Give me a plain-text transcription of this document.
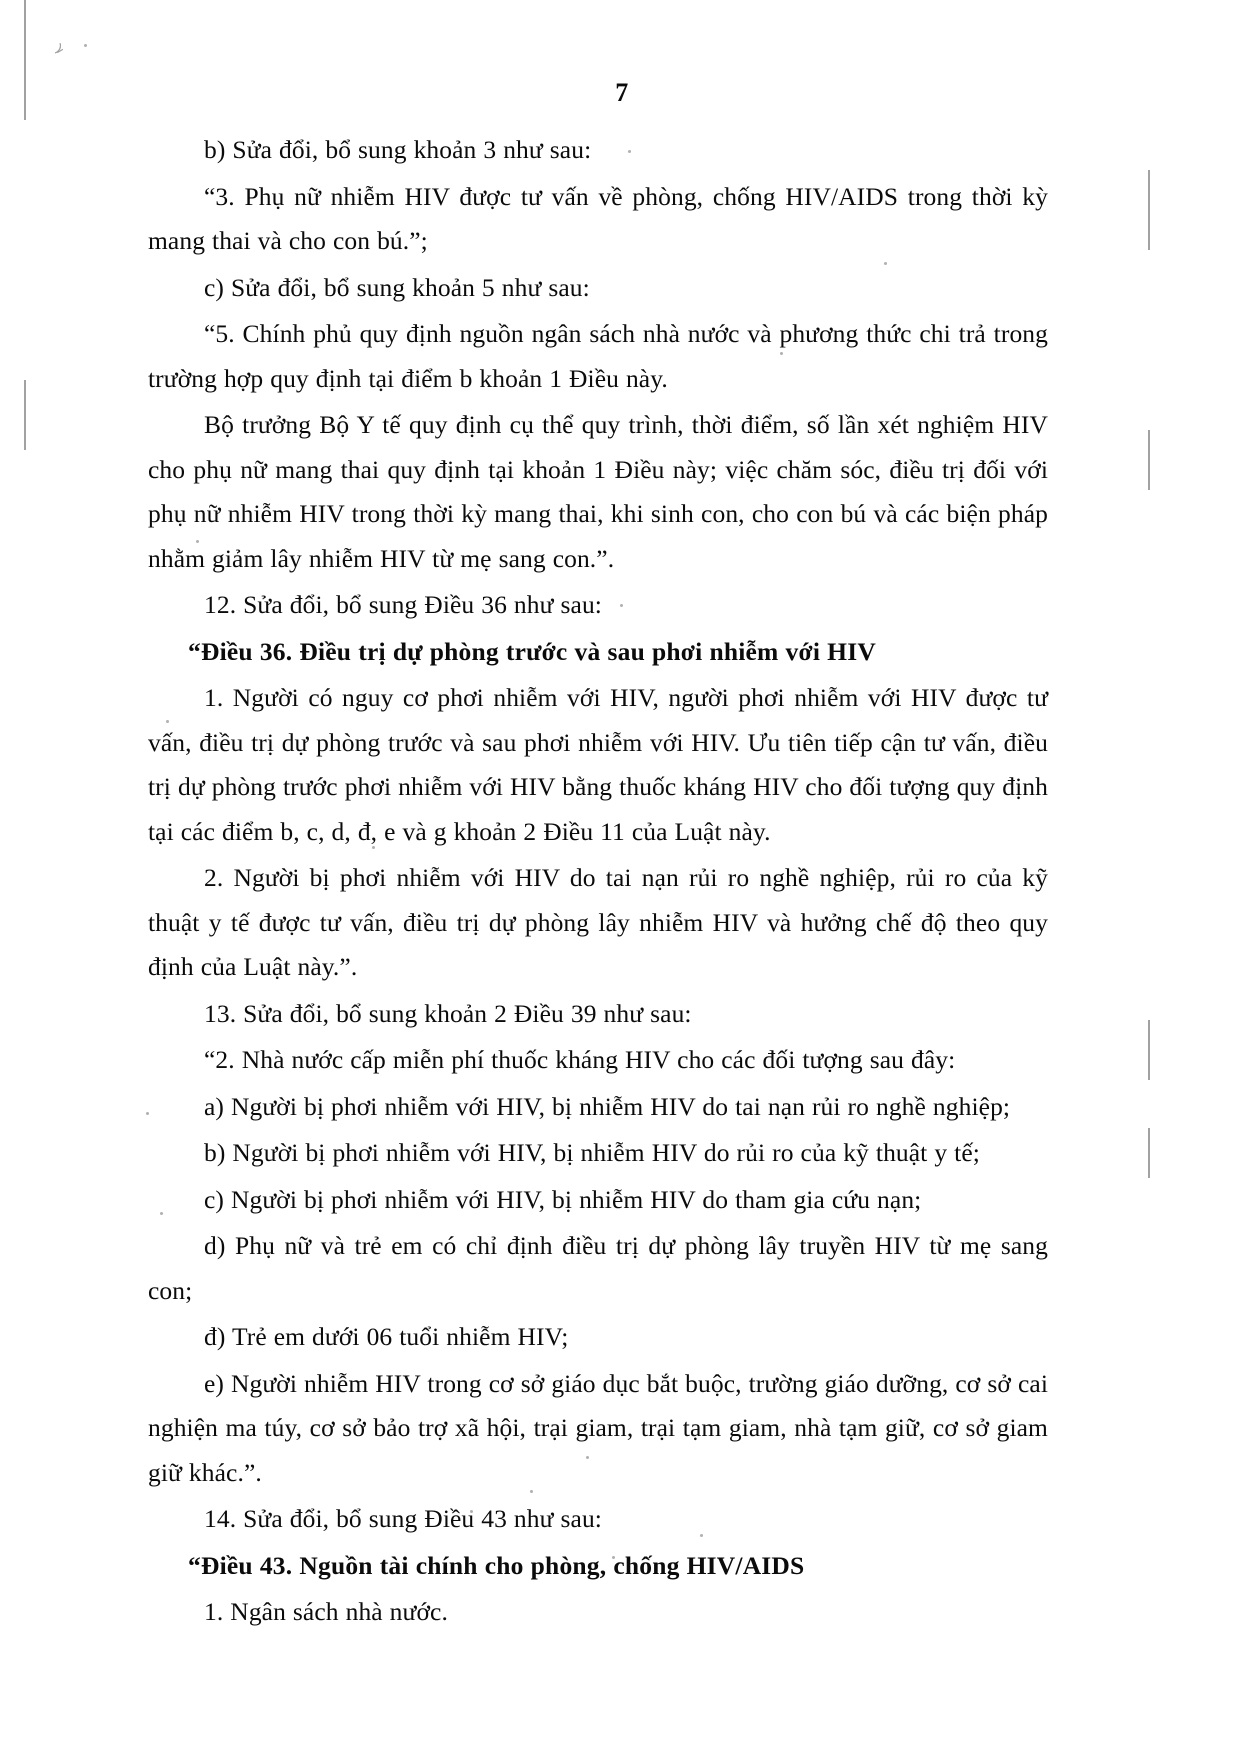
ِ◞
7

b) Sửa đổi, bổ sung khoản 3 như sau:

“3. Phụ nữ nhiễm HIV được tư vấn về phòng, chống HIV/AIDS trong thời kỳ mang thai và cho con bú.”;

c) Sửa đổi, bổ sung khoản 5 như sau:

“5. Chính phủ quy định nguồn ngân sách nhà nước và phương thức chi trả trong trường hợp quy định tại điểm b khoản 1 Điều này.

Bộ trưởng Bộ Y tế quy định cụ thể quy trình, thời điểm, số lần xét nghiệm HIV cho phụ nữ mang thai quy định tại khoản 1 Điều này; việc chăm sóc, điều trị đối với phụ nữ nhiễm HIV trong thời kỳ mang thai, khi sinh con, cho con bú và các biện pháp nhằm giảm lây nhiễm HIV từ mẹ sang con.”.

12. Sửa đổi, bổ sung Điều 36 như sau:

“Điều 36. Điều trị dự phòng trước và sau phơi nhiễm với HIV

1. Người có nguy cơ phơi nhiễm với HIV, người phơi nhiễm với HIV được tư vấn, điều trị dự phòng trước và sau phơi nhiễm với HIV. Ưu tiên tiếp cận tư vấn, điều trị dự phòng trước phơi nhiễm với HIV bằng thuốc kháng HIV cho đối tượng quy định tại các điểm b, c, d, đ, e và g khoản 2 Điều 11 của Luật này.

2. Người bị phơi nhiễm với HIV do tai nạn rủi ro nghề nghiệp, rủi ro của kỹ thuật y tế được tư vấn, điều trị dự phòng lây nhiễm HIV và hưởng chế độ theo quy định của Luật này.”.

13. Sửa đổi, bổ sung khoản 2 Điều 39 như sau:

“2. Nhà nước cấp miễn phí thuốc kháng HIV cho các đối tượng sau đây:

a) Người bị phơi nhiễm với HIV, bị nhiễm HIV do tai nạn rủi ro nghề nghiệp;

b) Người bị phơi nhiễm với HIV, bị nhiễm HIV do rủi ro của kỹ thuật y tế;

c) Người bị phơi nhiễm với HIV, bị nhiễm HIV do tham gia cứu nạn;

d) Phụ nữ và trẻ em có chỉ định điều trị dự phòng lây truyền HIV từ mẹ sang con;

đ) Trẻ em dưới 06 tuổi nhiễm HIV;

e) Người nhiễm HIV trong cơ sở giáo dục bắt buộc, trường giáo dưỡng, cơ sở cai nghiện ma túy, cơ sở bảo trợ xã hội, trại giam, trại tạm giam, nhà tạm giữ, cơ sở giam giữ khác.”.

14. Sửa đổi, bổ sung Điều 43 như sau:

“Điều 43. Nguồn tài chính cho phòng, chống HIV/AIDS

1. Ngân sách nhà nước.
